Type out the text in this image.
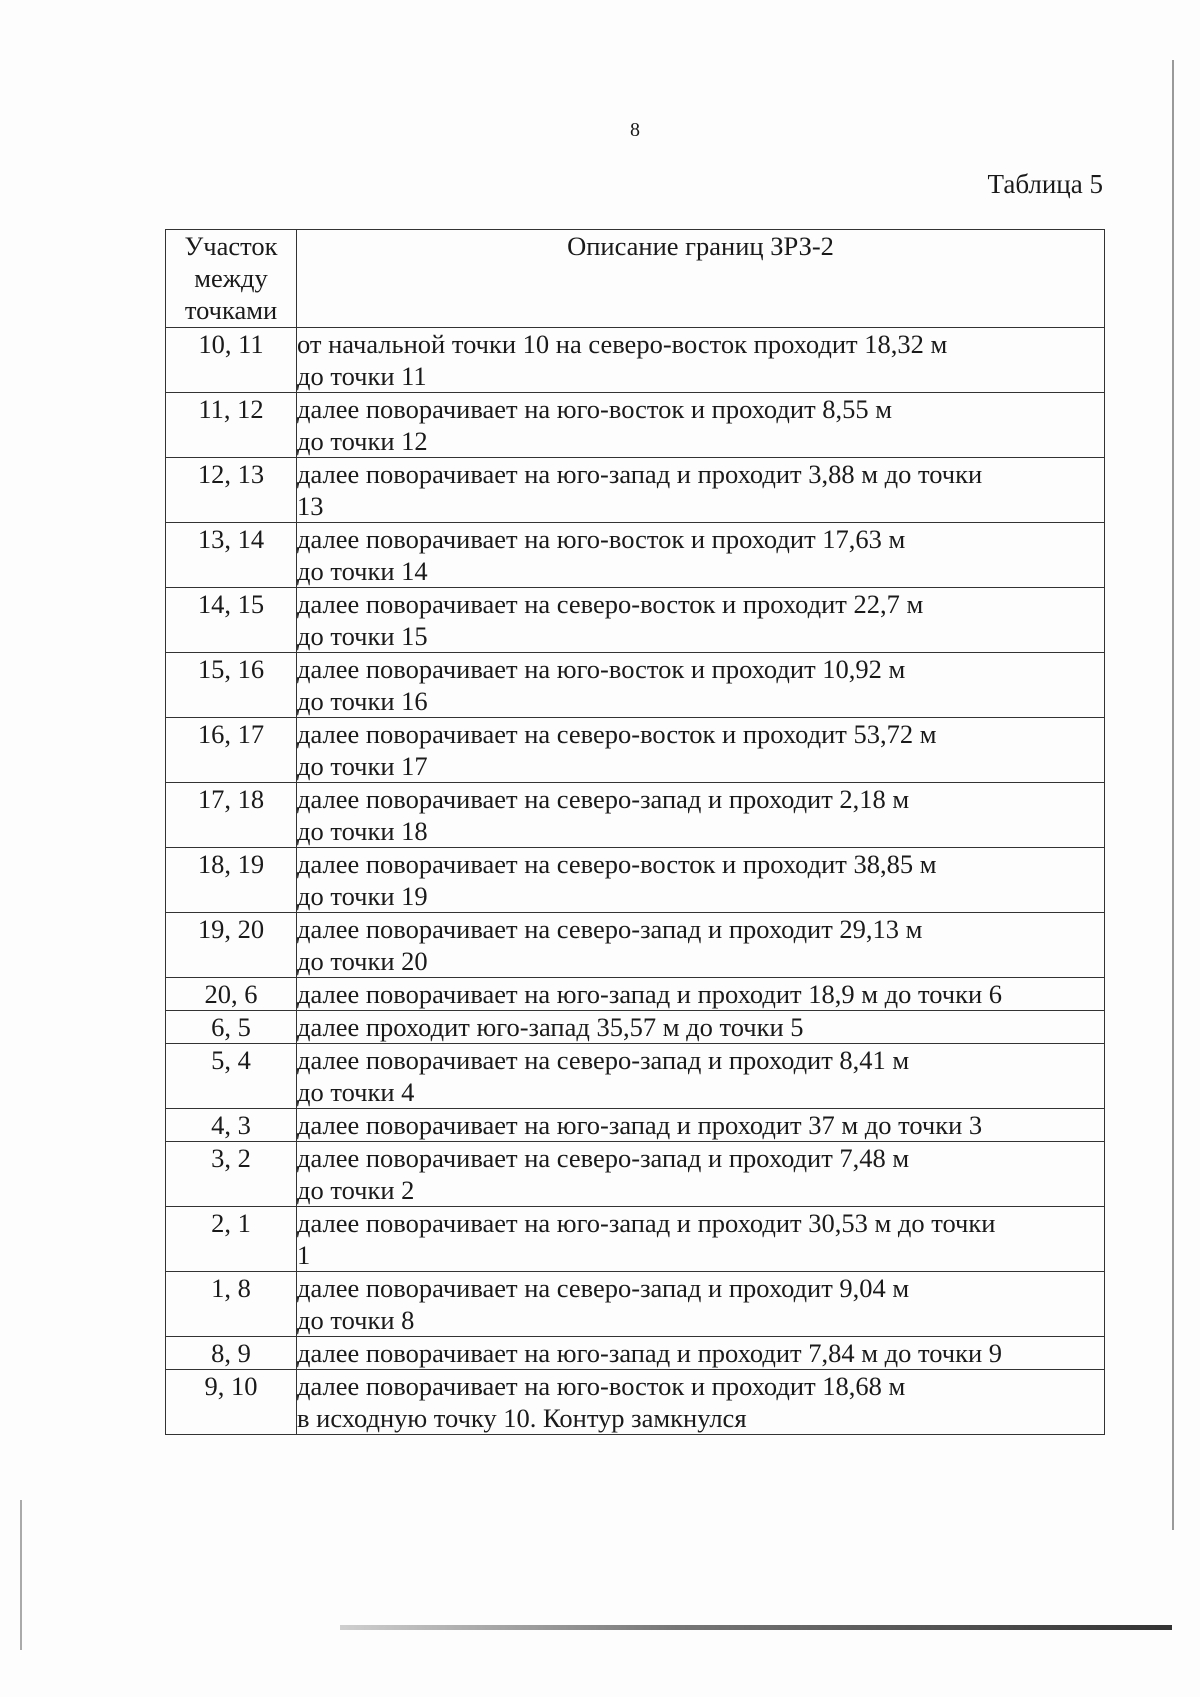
8
Таблица 5
Участок
между
точками	Описание границ ЗРЗ-2
10, 11	от начальной точки 10 на северо-восток проходит 18,32 м
до точки 11

11, 12	далее поворачивает на юго-восток и проходит 8,55 м
до точки 12

12, 13	далее поворачивает на юго-запад и проходит 3,88 м до точки
13

13, 14	далее поворачивает на юго-восток и проходит 17,63 м
до точки 14

14, 15	далее поворачивает на северо-восток и проходит 22,7 м
до точки 15

15, 16	далее поворачивает на юго-восток и проходит 10,92 м
до точки 16

16, 17	далее поворачивает на северо-восток и проходит 53,72 м
до точки 17

17, 18	далее поворачивает на северо-запад и проходит 2,18 м
до точки 18

18, 19	далее поворачивает на северо-восток и проходит 38,85 м
до точки 19

19, 20	далее поворачивает на северо-запад и проходит 29,13 м
до точки 20

20, 6	далее поворачивает на юго-запад и проходит 18,9 м до точки 6

6, 5	далее проходит юго-запад 35,57 м до точки 5

5, 4	далее поворачивает на северо-запад и проходит 8,41 м
до точки 4

4, 3	далее поворачивает на юго-запад и проходит 37 м до точки 3

3, 2	далее поворачивает на северо-запад и проходит 7,48 м
до точки 2

2, 1	далее поворачивает на юго-запад и проходит 30,53 м до точки
1

1, 8	далее поворачивает на северо-запад и проходит 9,04 м
до точки 8

8, 9	далее поворачивает на юго-запад и проходит 7,84 м до точки 9

9, 10	далее поворачивает на юго-восток и проходит 18,68 м
в исходную точку 10. Контур замкнулся
